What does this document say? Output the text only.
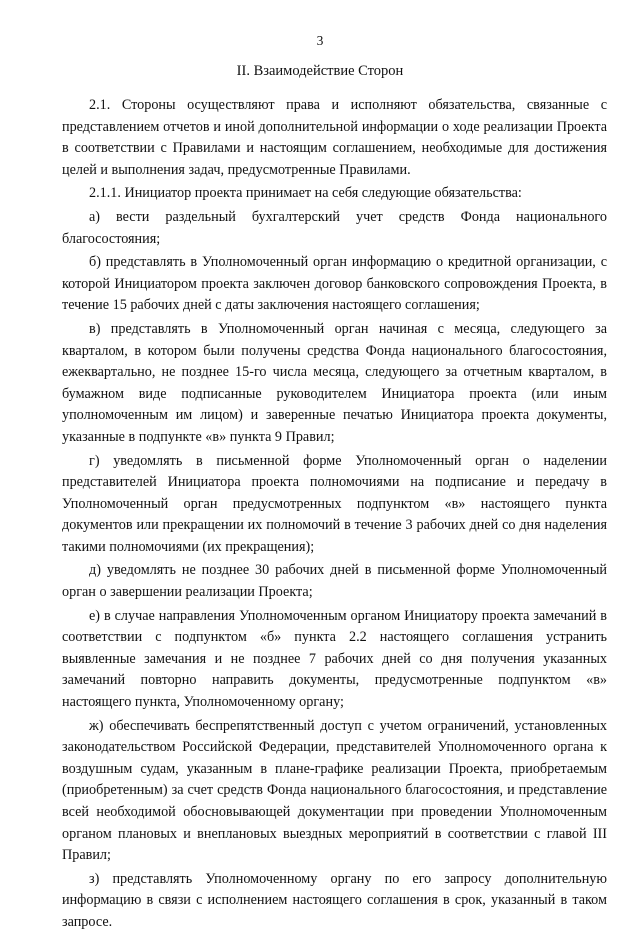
3
II. Взаимодействие Сторон

2.1. Стороны осуществляют права и исполняют обязательства, связанные с представлением отчетов и иной дополнительной информации о ходе реализации Проекта в соответствии с Правилами и настоящим соглашением, необходимые для достижения целей и выполнения задач, предусмотренные Правилами.

2.1.1. Инициатор проекта принимает на себя следующие обязательства:

а) вести раздельный бухгалтерский учет средств Фонда национального благосостояния;

б) представлять в Уполномоченный орган информацию о кредитной организации, с которой Инициатором проекта заключен договор банковского сопровождения Проекта, в течение 15 рабочих дней с даты заключения настоящего соглашения;

в) представлять в Уполномоченный орган начиная с месяца, следующего за кварталом, в котором были получены средства Фонда национального благосостояния, ежеквартально, не позднее 15-го числа месяца, следующего за отчетным кварталом, в бумажном виде подписанные руководителем Инициатора проекта (или иным уполномоченным им лицом) и заверенные печатью Инициатора проекта документы, указанные в подпункте «в» пункта 9 Правил;

г) уведомлять в письменной форме Уполномоченный орган о наделении представителей Инициатора проекта полномочиями на подписание и передачу в Уполномоченный орган предусмотренных подпунктом «в» настоящего пункта документов или прекращении их полномочий в течение 3 рабочих дней со дня наделения такими полномочиями (их прекращения);

д) уведомлять не позднее 30 рабочих дней в письменной форме Уполномоченный орган о завершении реализации Проекта;

е) в случае направления Уполномоченным органом Инициатору проекта замечаний в соответствии с подпунктом «б» пункта 2.2 настоящего соглашения устранить выявленные замечания и не позднее 7 рабочих дней со дня получения указанных замечаний повторно направить документы, предусмотренные подпунктом «в» настоящего пункта, Уполномоченному органу;

ж) обеспечивать беспрепятственный доступ с учетом ограничений, установленных законодательством Российской Федерации, представителей Уполномоченного органа к воздушным судам, указанным в плане-графике реализации Проекта, приобретаемым (приобретенным) за счет средств Фонда национального благосостояния, и представление всей необходимой обосновывающей документации при проведении Уполномоченным органом плановых и внеплановых выездных мероприятий в соответствии с главой III Правил;

з) представлять Уполномоченному органу по его запросу дополнительную информацию в связи с исполнением настоящего соглашения в срок, указанный в таком запросе.
